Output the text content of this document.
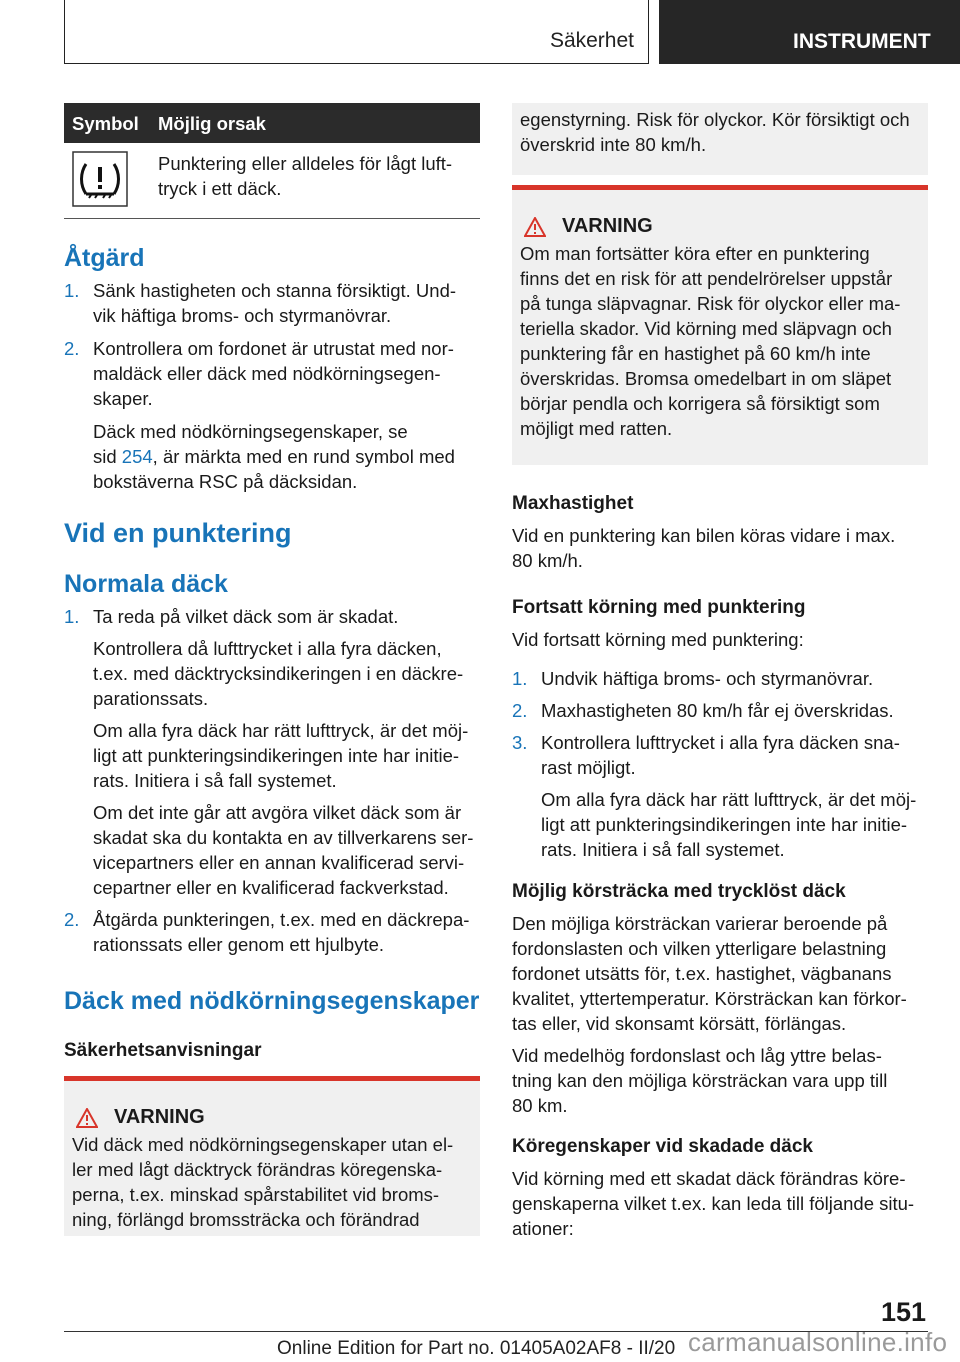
Säkerhet	INSTRUMENT
Symbol	Möjlig orsak

Punktering eller alldeles för lågt luft-

tryck i ett däck.

Åtgärd
1. Sänk hastigheten och stanna försiktigt. Und-

vik häftiga broms- och styrmanövrar.

2. Kontrollera om fordonet är utrustat med nor-

maldäck eller däck med nödkörningsegen-

skaper.

Däck med nödkörningsegenskaper, se

sid 254, är märkta med en rund symbol med

bokstäverna RSC på däcksidan.

Vid en punktering
Normala däck
1. Ta reda på vilket däck som är skadat.

Kontrollera då lufttrycket i alla fyra däcken,

t.ex. med däcktrycksindikeringen i en däckre-

parationssats.

Om alla fyra däck har rätt lufttryck, är det möj-

ligt att punkteringsindikeringen inte har initie-

rats. Initiera i så fall systemet.

Om det inte går att avgöra vilket däck som är

skadat ska du kontakta en av tillverkarens ser-

vicepartners eller en annan kvalificerad servi-

cepartner eller en kvalificerad fackverkstad.

2. Åtgärda punkteringen, t.ex. med en däckrepa-

rationssats eller genom ett hjulbyte.

Däck med nödkörningsegenskaper
Säkerhetsanvisningar
VARNING

Vid däck med nödkörningsegenskaper utan el-

ler med lågt däcktryck förändras köregenska-

perna, t.ex. minskad spårstabilitet vid broms-

ning, förlängd bromssträcka och förändrad

egenstyrning. Risk för olyckor. Kör försiktigt och

överskrid inte 80 km/h.

VARNING

Om man fortsätter köra efter en punktering

finns det en risk för att pendelrörelser uppstår

på tunga släpvagnar. Risk för olyckor eller ma-

teriella skador. Vid körning med släpvagn och

punktering får en hastighet på 60 km/h inte

överskridas. Bromsa omedelbart in om släpet

börjar pendla och korrigera så försiktigt som

möjligt med ratten.

Maxhastighet

Vid en punktering kan bilen köras vidare i max.

80 km/h.

Fortsatt körning med punktering

Vid fortsatt körning med punktering:

1. Undvik häftiga broms- och styrmanövrar.

2. Maxhastigheten 80 km/h får ej överskridas.

3. Kontrollera lufttrycket i alla fyra däcken sna-

rast möjligt.

Om alla fyra däck har rätt lufttryck, är det möj-

ligt att punkteringsindikeringen inte har initie-

rats. Initiera i så fall systemet.

Möjlig körsträcka med trycklöst däck

Den möjliga körsträckan varierar beroende på

fordonslasten och vilken ytterligare belastning

fordonet utsätts för, t.ex. hastighet, vägbanans

kvalitet, yttertemperatur. Körsträckan kan förkor-

tas eller, vid skonsamt körsätt, förlängas.

Vid medelhög fordonslast och låg yttre belas-

tning kan den möjliga körsträckan vara upp till

80 km.

Köregenskaper vid skadade däck

Vid körning med ett skadat däck förändras köre-

genskaperna vilket t.ex. kan leda till följande situ-

ationer:

151
Online Edition for Part no. 01405A02AF8 - II/20 carmanualsonline.info
